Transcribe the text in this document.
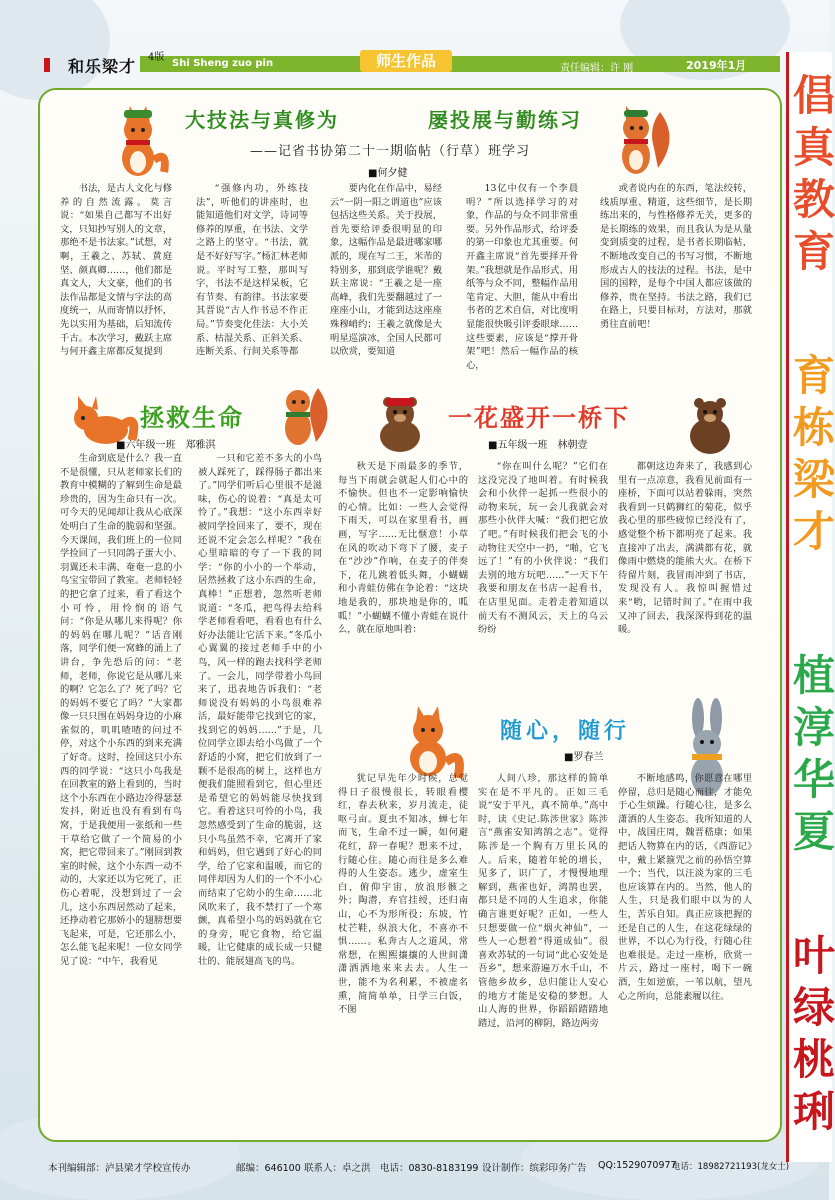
和乐梁才 4版
Shi Sheng zuo pin	师生作品	责任编辑：许 刚	2019年1月
倡
真
教
育
育
栋
梁
才
植
淳
华
夏
叶
绿
桃
琍
大技法与真修为	屡投展与勤练习
——记省书协第二十一期临帖（行草）班学习
■何夕健

书法，是古人文化与修养的自然流露。莫言说：“如果自己都写不出好文，只知抄写别人的文章，那绝不是书法家。”试想，对啊，王羲之、苏轼、黄庭坚、颜真卿……，他们都是真文人，大文豪，他们的书法作品都是文情与字法的高度统一，从而寄情以抒怀，先以实用为基础，后知流传千古。本次学习，戴跃主席与何开鑫主席都反复提到

“强修内功，外练技法”，听他们的讲座时，也能知道他们对文学，诗词等修养的厚重，在书法、文学之路上的坚守。“书法，就是不好好写字。”杨汇林老师说。平时写工整，那叫写字，书法不是这样呆板，它有节奏、有韵律。书法家要其晋说“古人作书忌不作正局。”节奏变化佳法：大小关系、枯湿关系、正斜关系、连断关系、行间关系等都

要内化在作品中，易经云“一阴一阳之谓道也”应该包括这些关系。关于投展，首先要给评委很明显的印象，这幅作品是最进哪家哪派的，现在写二王，米芾的特别多，那到底学谁呢？戴跃主席说：“王羲之是一座高峰，我们先要翻越过了一座座小山，才能到达这座座殊穆峭约；王羲之就像是大明星巡演冰，全国人民都可以欣赏，要知道

13亿中仅有一个李晨明？”所以选择学习的对象，作品的与众不同非常重要。另外作品形式，给评委的第一印象也尤其重要。何开鑫主席说“首先要择开骨架。”我想就是作品形式、用纸等与众不同，整幅作品用笔肯定、大胆，能从中看出书者的艺术自信，对比度明显能很快吸引评委眼球……这些要素，应该是“撑开骨架”吧！然后一幅作品的核心，

或者说内在的东西，笔法绞转，线质厚重、精道，这些细节，是长期练出来的，与性格修养无关，更多的是长期练的效果，而且我认为是从量变到质变的过程，是书者长期临帖，不断地改变自己的书写习惯，不断地形成古人的技法的过程。书法，是中国的国粹，是每个中国人都应该做的修养，贵在坚持。书法之路，我们已在路上，只要目标对，方法对，那就勇往直前吧！

拯救生命
■六年级一班　郑雅淇

生命到底是什么？我一直不是很懂，只从老师家长们的教育中模糊的了解到生命是最珍贵的，因为生命只有一次。可今天的见闻却让我从心底深处明白了生命的脆弱和坚强。今天课间，我们班上的一位同学捡回了一只同鸽子蛋大小、羽翼还未丰满、奄奄一息的小鸟宝宝带回了教室。老师轻轻的把它拿了过来，看了看这个小可怜，用怜悯的语气问：“你是从哪儿来得呢？你的妈妈在哪儿呢？”话音刚落，同学们便一窝蜂的涌上了讲台，争先恐后的问：“老师，老师，你说它是从哪儿来的啊？它怎么了？死了吗？它的妈妈不要它了吗？”大家都像一只只围在妈妈身边的小麻雀似的，叽叽喳喳的问过不停，对这个小东西的到来充满了好奇。这时，捡回这只小东西的同学说：“这只小鸟我是在回教室的路上看到的，当时这个小东西在小路边冷得瑟瑟发抖，附近也没有看到有鸟窝，于是我便用一张纸和一些干草给它做了一个简易的小窝，把它带回来了。”刚回到教室的时候，这个小东西一动不动的，大家还以为它死了，正伤心着呢，没想到过了一会儿，这小东西居然动了起来，还挣动着它那娇小的翅膀想要飞起来，可是，它还那么小，怎么能飞起来呢！一位女同学见了说：“中午，我看见

一只和它差不多大的小鸟被人踩死了，踩得肠子都出来了。”同学们听后心里很不是滋味，伤心的说着：“真是太可怜了。”我想：“这小东西幸好被同学捡回来了，要不，现在还说不定会怎么样呢？”我在心里暗暗的夸了一下我的同学：“你的小小的一个举动，居然拯救了这小东西的生命，真棒！”正想着，忽然听老师说道：“冬瓜，把鸟得去给科学老师看看吧，看看也有什么好办法能让它活下来。”冬瓜小心翼翼的接过老师手中的小鸟，风一样的跑去找科学老师了。一会儿，同学带着小鸟回来了，迅表地告诉我们：“老师说没有妈妈的小鸟很难养活，最好能带它找到它的家，找到它的妈妈……”于是，几位同学立即去给小鸟做了一个舒适的小窝，把它们放到了一颗不是很高的树上，这样也方便我们能照看到它，但心里还是希望它的妈妈能尽快找到它。看着这只可怜的小鸟，我忽然感受到了生命的脆弱，这只小鸟虽然不幸，它离开了家和妈妈，但它遇到了好心的同学，给了它家和温暖，而它的同伴却因为人们的一个不小心而结束了它幼小的生命……北风吹来了，我不禁打了一个寒颤，真希望小鸟的妈妈就在它的身旁，呢它食物，给它温暖，让它健康的成长成一只健壮的、能展翅高飞的鸟。

一花盛开一桥下
■五年级一班　林朝壹

秋天是下雨最多的季节，每当下雨就会就起人们心中的不愉快。但也不一定影响愉快的心情。比如：一些人会觉得下雨天，可以在家里看书，画画，写字……无比惬意！小草在风的吹动下弯下了腰，麦子在“沙沙”作响，在麦子的伴奏下，花儿跳着低头舞，小蝴蝴和小青蛙仿佛在争论着：“这块地是我的，那块地是你的，呱呱！”小蝴蝴不懂小青蛙在说什么，就在原地叫着：

“你在叫什么呢？”它们在这没完没了地叫着。有时候我会和小伙伴一起抓一些很小的动物来玩，玩一会儿我就会对那些小伙伴大喊：“我们把它放了吧。”有时候我们把会飞的小动物往天空中一扔，“啪，它飞远了！”有的小伙伴说：“我们去别的地方玩吧……”一天下午我要和朋友在书店一起看书，在店里见面。走着走着知道以前天有不测风云，天上的乌云纷纷

都朝这边奔来了，我感到心里有一点凉意，我看见前面有一座桥，下面可以站着躲雨，突然我看到一只鹤狮红的菊花，似乎我心里的那些疲惊已经没有了，感觉整个桥下都明亮了起来。我直接冲了出去，满满都有花，就像雨中燃烧的能熊大火。在桥下待留片刻，我冒雨冲到了书店，发现没有人。我惊叫握惜过来“哟，记错时间了。”在雨中我又冲了回去，我深深得到花的温暖。

随心，随行
■罗春兰

犹记早先年少时候，总觉得日子很慢很长，转眼看樱红，春去秋来，岁月流走，徒呕弓亩。夏虫不知冰，蝉七年而飞，生命不过一瞬，如何避花红，辞一春呢？想来不过，行随心住。随心而往是多么难得的人生姿态。逃少，虚室生白，俯仰宇宙，放浪形骸之外；陶潜，弃官挂绶，还归南山，心不为形所役；东坡，竹杖芒鞋，纵浪大化，不喜亦不惧……。私奔古人之道风，常常想，在熙熙攘攘的人世间潇潇洒洒地来来去去。人生一世，能不为名利累，不被虚名熏，简简单单，日学三白饭，不图

人间八珍，那这样的简单实在是不平凡的。正如三毛说“安于平凡，真不简单。”高中时，读《史记.陈涉世家》陈涉言“燕雀安知鸿鹄之志”。觉得陈涉是一个胸有万里长风的人。后来，随着年轮的增长，见多了，识广了，才慢慢地理解到，燕雀也好，鸿鹄也罢，都只是不同的人生追求，你能确言谁更好呢？正如，一些人只想要做一位“烟火神仙”，一些人一心想着“得道成仙”。很喜欢苏轼的一句词“此心安处是吾乡”，想来游遍万水千山，不管他乡故乡，总归能让人安心的地方才能是安稳的梦想。人山人海的世界，你蹈蹈踏踏地踏过，沿河的柳阴，路边两旁

不断地感鸣，你愿意在哪里停留，总归是随心而往，才能免于心生烦躁。行随心往，是多么潇洒的人生姿态。我所知道的人中，战国庄周，魏晋嵇康；如果把话人物算在内的话，《西游记》中，戴上紧箍咒之前的孙悟空算一个；当代，以汪淡为家的三毛也应该算在内的。当然，他人的人生，只是我们眼中以为的人生，苦乐自知。真正应该把握的还是自己的人生，在这花绿绿的世界，不以心为行役，行随心往也难很是。走过一座桥，欣赏一片云，路过一座村，喝下一碗酒，生如逆旅，一苇以航，望凡心之所向，总能素履以往。

本刊编辑部：泸县梁才学校宣传办	邮编：646100 联系人：卓之洪 电话：0830-8183199 设计制作：缤彩印务广告 QQ:1529070977
电话：18982721193(龙女士)
